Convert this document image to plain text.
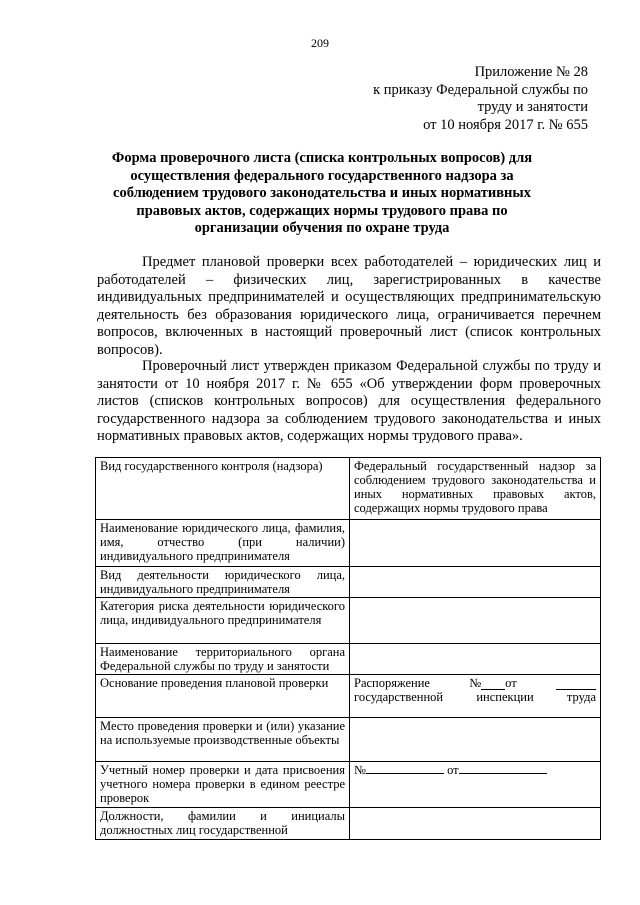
209
Приложение № 28
к приказу Федеральной службы по
труду и занятости
от 10 ноября 2017 г. № 655
Форма проверочного листа (списка контрольных вопросов) для осуществления федерального государственного надзора за соблюдением трудового законодательства и иных нормативных правовых актов, содержащих нормы трудового права по организации обучения по охране труда

Предмет плановой проверки всех работодателей – юридических лиц и работодателей – физических лиц, зарегистрированных в качестве индивидуальных предпринимателей и осуществляющих предпринимательскую деятельность без образования юридического лица, ограничивается перечнем вопросов, включенных в настоящий проверочный лист (список контрольных вопросов).

Проверочный лист утвержден приказом Федеральной службы по труду и занятости от 10 ноября 2017 г. № 655 «Об утверждении форм проверочных листов (списков контрольных вопросов) для осуществления федерального государственного надзора за соблюдением трудового законодательства и иных нормативных правовых актов, содержащих нормы трудового права».

Вид государственного контроля (надзора)	Федеральный государственный надзор за соблюдением трудового законодательства и иных нормативных правовых актов, содержащих нормы трудового права
Наименование юридического лица, фамилия, имя, отчество (при наличии) индивидуального предпринимателя	
Вид деятельности юридического лица, индивидуального предпринимателя	
Категория риска деятельности юридического лица, индивидуального предпринимателя	
Наименование территориального органа Федеральной службы по труду и занятости	
Основание проведения плановой проверки	Распоряжение № от
государственной инспекции труда

Место проведения проверки и (или) указание на используемые производственные объекты	
Учетный номер проверки и дата присвоения учетного номера проверки в едином реестре проверок	№ от

Должности, фамилии и инициалы должностных лиц государственной	
